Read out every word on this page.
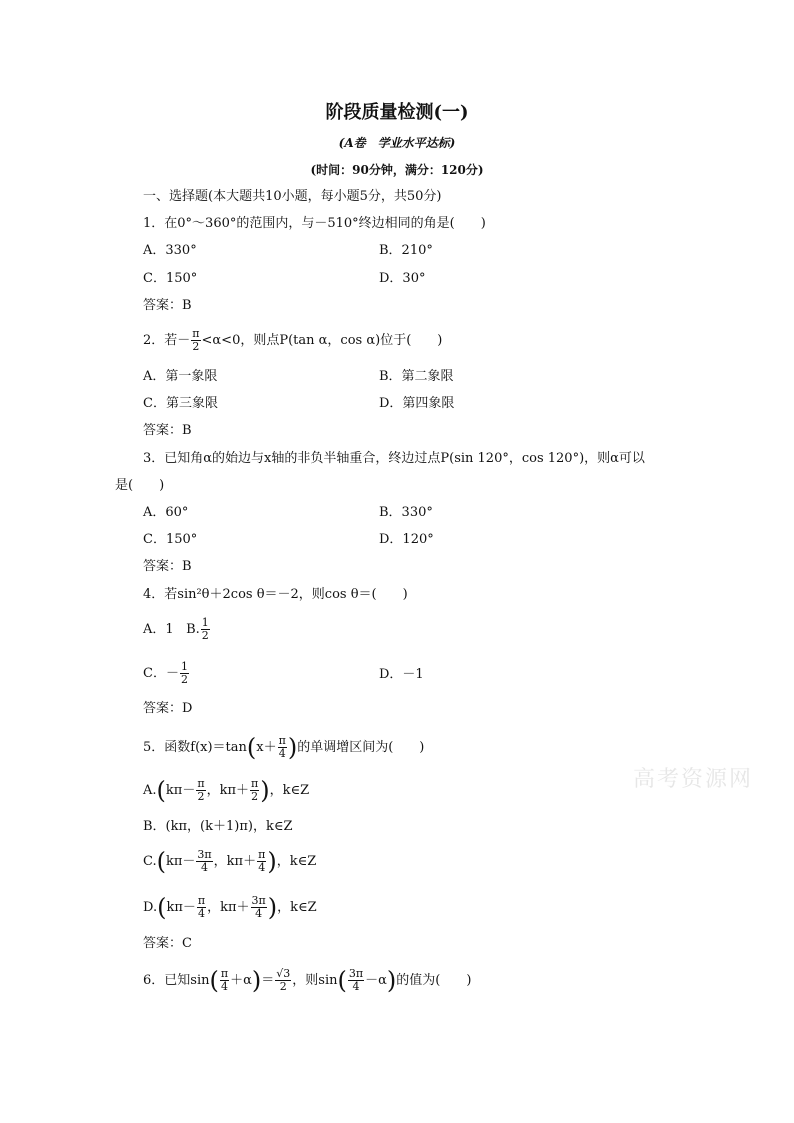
阶段质量检测(一)
(A卷　学业水平达标)
(时间：90分钟，满分：120分)
一、选择题(本大题共10小题，每小题5分，共50分)
1．在0°～360°的范围内，与－510°终边相同的角是(　　)
A．330°	B．210°
C．150°	D．30°
答案：B
2．若－ $\frac{\pi}{2} <\alpha<0$，则点P(tan α，cos α)位于(　　)
A．第一象限	B．第二象限
C．第三象限	D．第四象限
答案：B
3．已知角α的始边与x轴的非负半轴重合，终边过点P(sin 120°，cos 120°)，则α可以
是(　　)
A．60°	B．330°
C．150°	D．120°
答案：B
4．若sin²θ＋2cos θ＝－2，则cos θ＝(　　)
A．1 B. $\frac{1}{2}$
C．－ $\frac{1}{2}$	D．－1
答案：D
5．函数$f(x)=\tan(x+ \frac{\pi}{4}$ )的单调增区间为(　　)
$A.(k\pi- \frac{\pi}{2}$ ，$k\pi+ \frac{\pi}{2}$ )，k∈Z
B．(kπ，(k＋1)π)，k∈Z
$C.(k\pi- \frac{3\pi}{4}$ ，$k\pi+ \frac{\pi}{4}$ )，k∈Z
$D.(k\pi- \frac{\pi}{4}$ ，$k\pi+ \frac{3\pi}{4}$ )，k∈Z
答案：C
6．已知$\sin( \frac{\pi}{4} +\alpha)= \frac{√3}{2}$ ，则$\sin( \frac{3\pi}{4} -\alpha)$的值为(　　)
高考资源网
